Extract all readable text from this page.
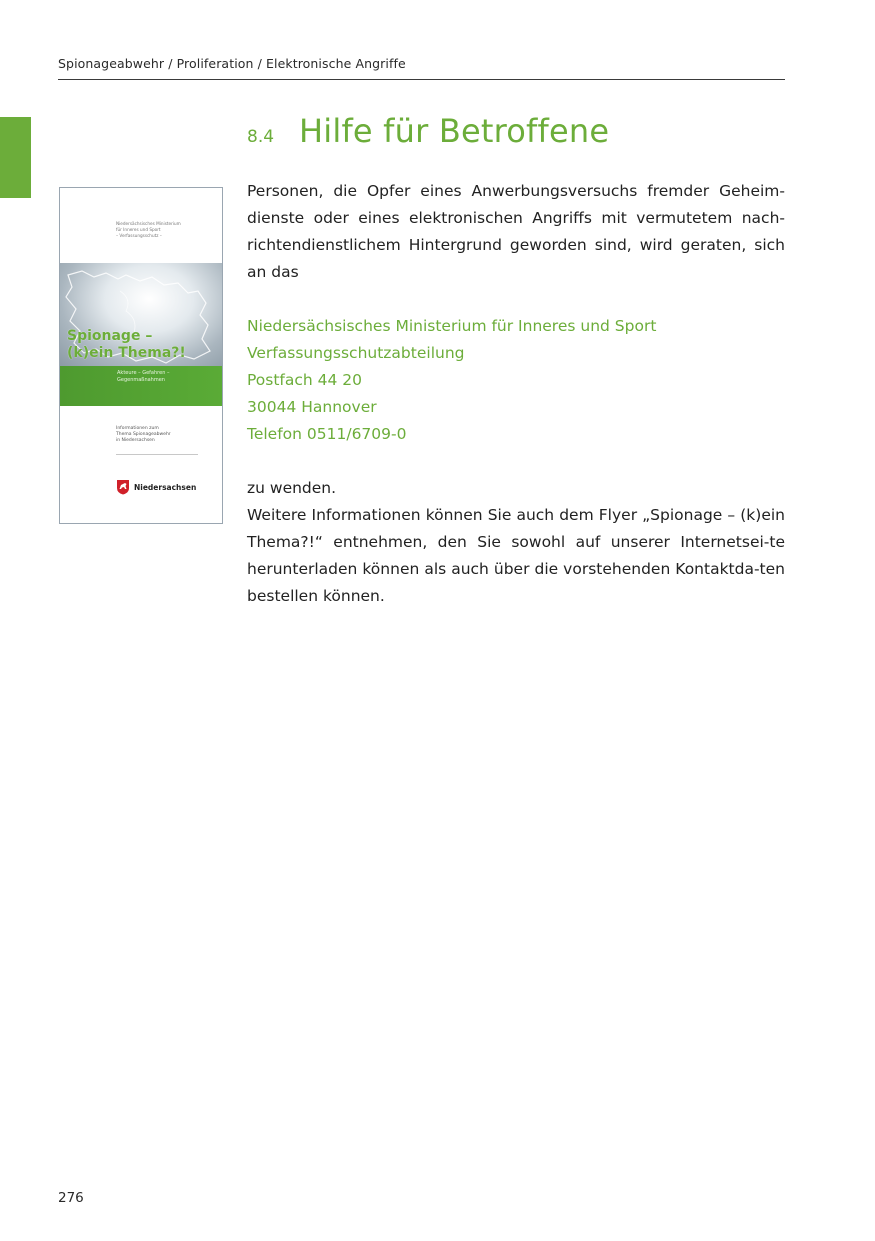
Spionageabwehr / Proliferation / Elektronische Angriffe
8.4 Hilfe für Betroffene
Niedersächsisches Ministerium
für Inneres und Sport
– Verfassungsschutz –
Spionage –
(k)ein Thema?!
Akteure – Gefahren –
Gegenmaßnahmen
Informationen zum
Thema Spionageabwehr
in Niedersachsen
Niedersachsen

Personen, die Opfer eines Anwerbungsversuchs fremder Geheim-dienste oder eines elektronischen Angriffs mit vermutetem nach-richtendienstlichem Hintergrund geworden sind, wird geraten, sich an das

Niedersächsisches Ministerium für Inneres und Sport
Verfassungsschutzabteilung
Postfach 44 20
30044 Hannover
Telefon 0511/6709-0

zu wenden.

Weitere Informationen können Sie auch dem Flyer „Spionage – (k)ein Thema?!“ entnehmen, den Sie sowohl auf unserer Internetsei-te herunterladen können als auch über die vorstehenden Kontaktda-ten bestellen können.

276
